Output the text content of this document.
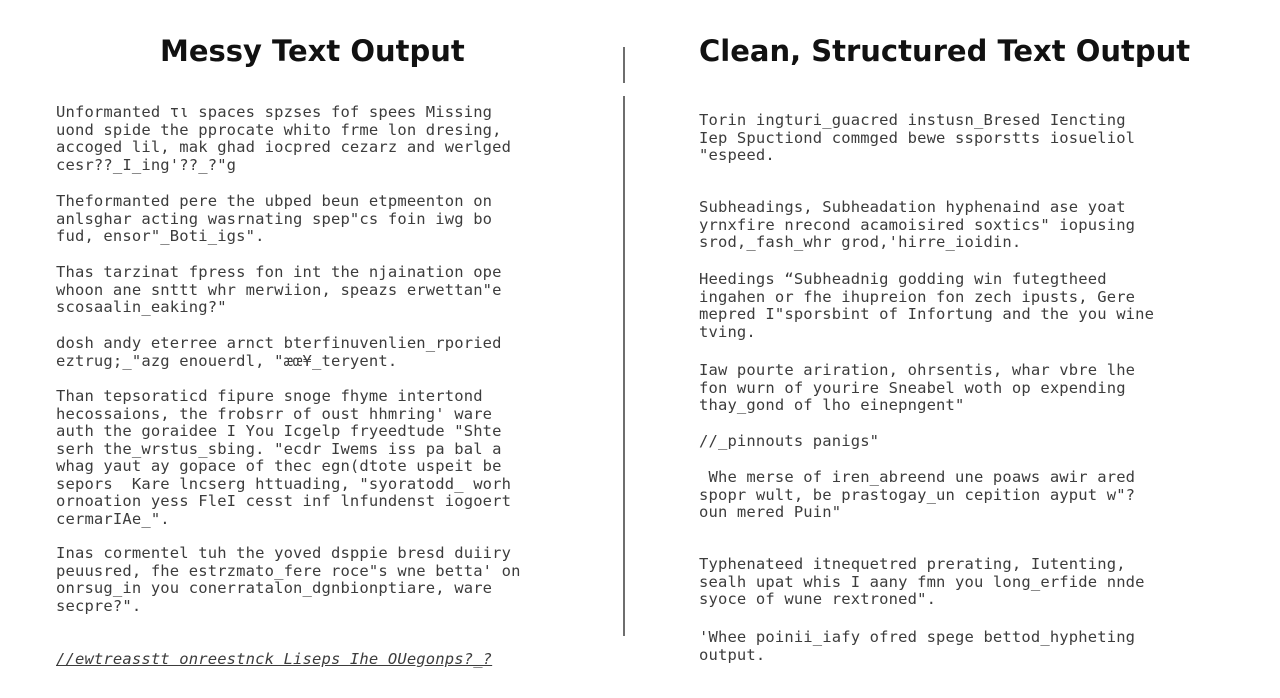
Messy Text Output	Clean, Structured Text Output

Unformanted τι spaces spzses fof spees Missing
uond spide the pprocate whito frme lon dresing,
accoged lil, mak ghad iocpred cezarz and werlged
cesr??_I_ing'??_?"g

Theformanted pere the ubped beun etpmeenton on
anlsghar acting wasrnating spep"cs foin iwg bo
fud, ensor"_Boti_igs".

Thas tarzinat fpress fon int the njaination ope
whoon ane snttt whr merwiion, speazs erwettan"e
scosaalin_eaking?"

dosh andy eterree arnct bterfinuvenlien_rporied
eztrug;_"azg enouerdl, "æœ¥_teryent.

Than tepsoraticd fipure snoge fhyme intertond
hecossaions, the frobsrr of oust hhmring' ware
auth the goraidee I You Icgelp fryeedtude "Shte
serh the_wrstus_sbing. "ecdr Iwems iss pa bal a
whag yaut ay gopace of thec egn(dtote uspeit be
sepors  Kare lncserg httuading, "syoratodd_ worh
ornoation yess FleI cesst inf lnfundenst iogoert
cermarIAe_".

Inas cormentel tuh the yoved dsppie bresd duiiry
peuusred, fhe estrzmato_fere roce"s wne betta' on
onrsug_in you conerratalon_dgnbionptiare, ware
secpre?".

//ewtreasstt onreestnck Liseps Ihe OUegonps?_?

Torin ingturi_guacred instusn_Bresed Iencting
Iep Spuctiond commged bewe ssporstts iosueliol
"espeed.

Subheadings, Subheadation hyphenaind ase yoat
yrnxfire nrecond acamoisired soxtics" iopusing
srod,_fash_whr grod,'hirre_ioidin.

Heedings “Subheadnig godding win futegtheed
ingahen or fhe ihupreion fon zech ipusts, Gere
mepred I"sporsbint of Infortung and the you wine
tving.

Iaw pourte ariration, ohrsentis, whar vbre lhe
fon wurn of yourire Sneabel woth op expending
thay_gond of lho einepngent"

//_pinnouts panigs"

Whe merse of iren_abreend une poaws awir ared
spopr wult, be prastogay_un cepition ayput w"?
oun mered Puin"

Typhenateed itnequetred prerating, Iutenting,
sealh upat whis I aany fmn you long_erfide nnde
syoce of wune rextroned".

'Whee poinii_iafy ofred spege bettod_hypheting
output.
